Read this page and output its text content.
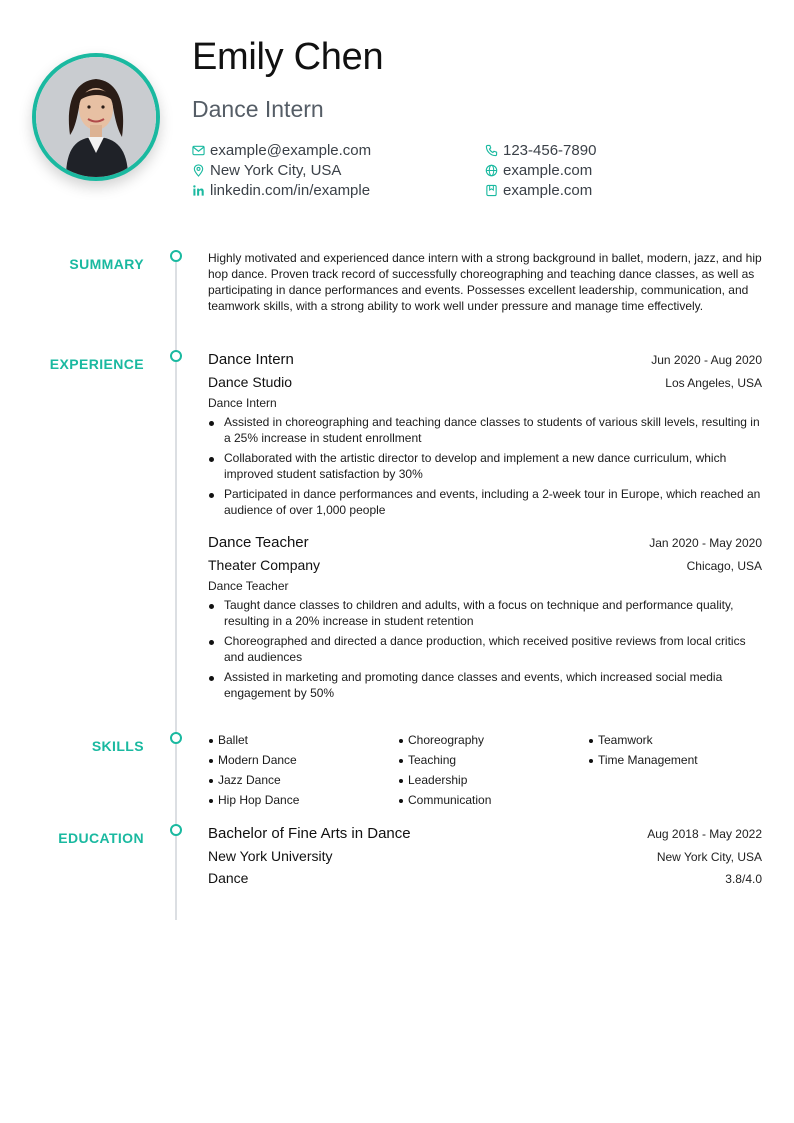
Emily Chen
Dance Intern
example@example.com	123-456-7890
New York City, USA	example.com
linkedin.com/in/example	example.com
SUMMARY	Highly motivated and experienced dance intern with a strong background in ballet, modern, jazz, and hip hop dance. Proven track record of successfully choreographing and teaching dance classes, as well as participating in dance performances and events. Possesses excellent leadership, communication, and teamwork skills, with a strong ability to work well under pressure and manage time effectively.

EXPERIENCE	Dance Intern	Jun 2020 - Aug 2020
Dance Studio	Los Angeles, USA
Dance Intern
Assisted in choreographing and teaching dance classes to students of various skill levels, resulting in a 25% increase in student enrollment
Collaborated with the artistic director to develop and implement a new dance curriculum, which improved student satisfaction by 30%
Participated in dance performances and events, including a 2-week tour in Europe, which reached an audience of over 1,000 people
Dance Teacher	Jan 2020 - May 2020
Theater Company	Chicago, USA
Dance Teacher
Taught dance classes to children and adults, with a focus on technique and performance quality, resulting in a 20% increase in student retention
Choreographed and directed a dance production, which received positive reviews from local critics and audiences
Assisted in marketing and promoting dance classes and events, which increased social media engagement by 50%
SKILLS	Ballet	Choreography	Teamwork
Modern Dance	Teaching	Time Management
Jazz Dance	Leadership
Hip Hop Dance	Communication
EDUCATION	Bachelor of Fine Arts in Dance	Aug 2018 - May 2022
New York University	New York City, USA
Dance	3.8/4.0
